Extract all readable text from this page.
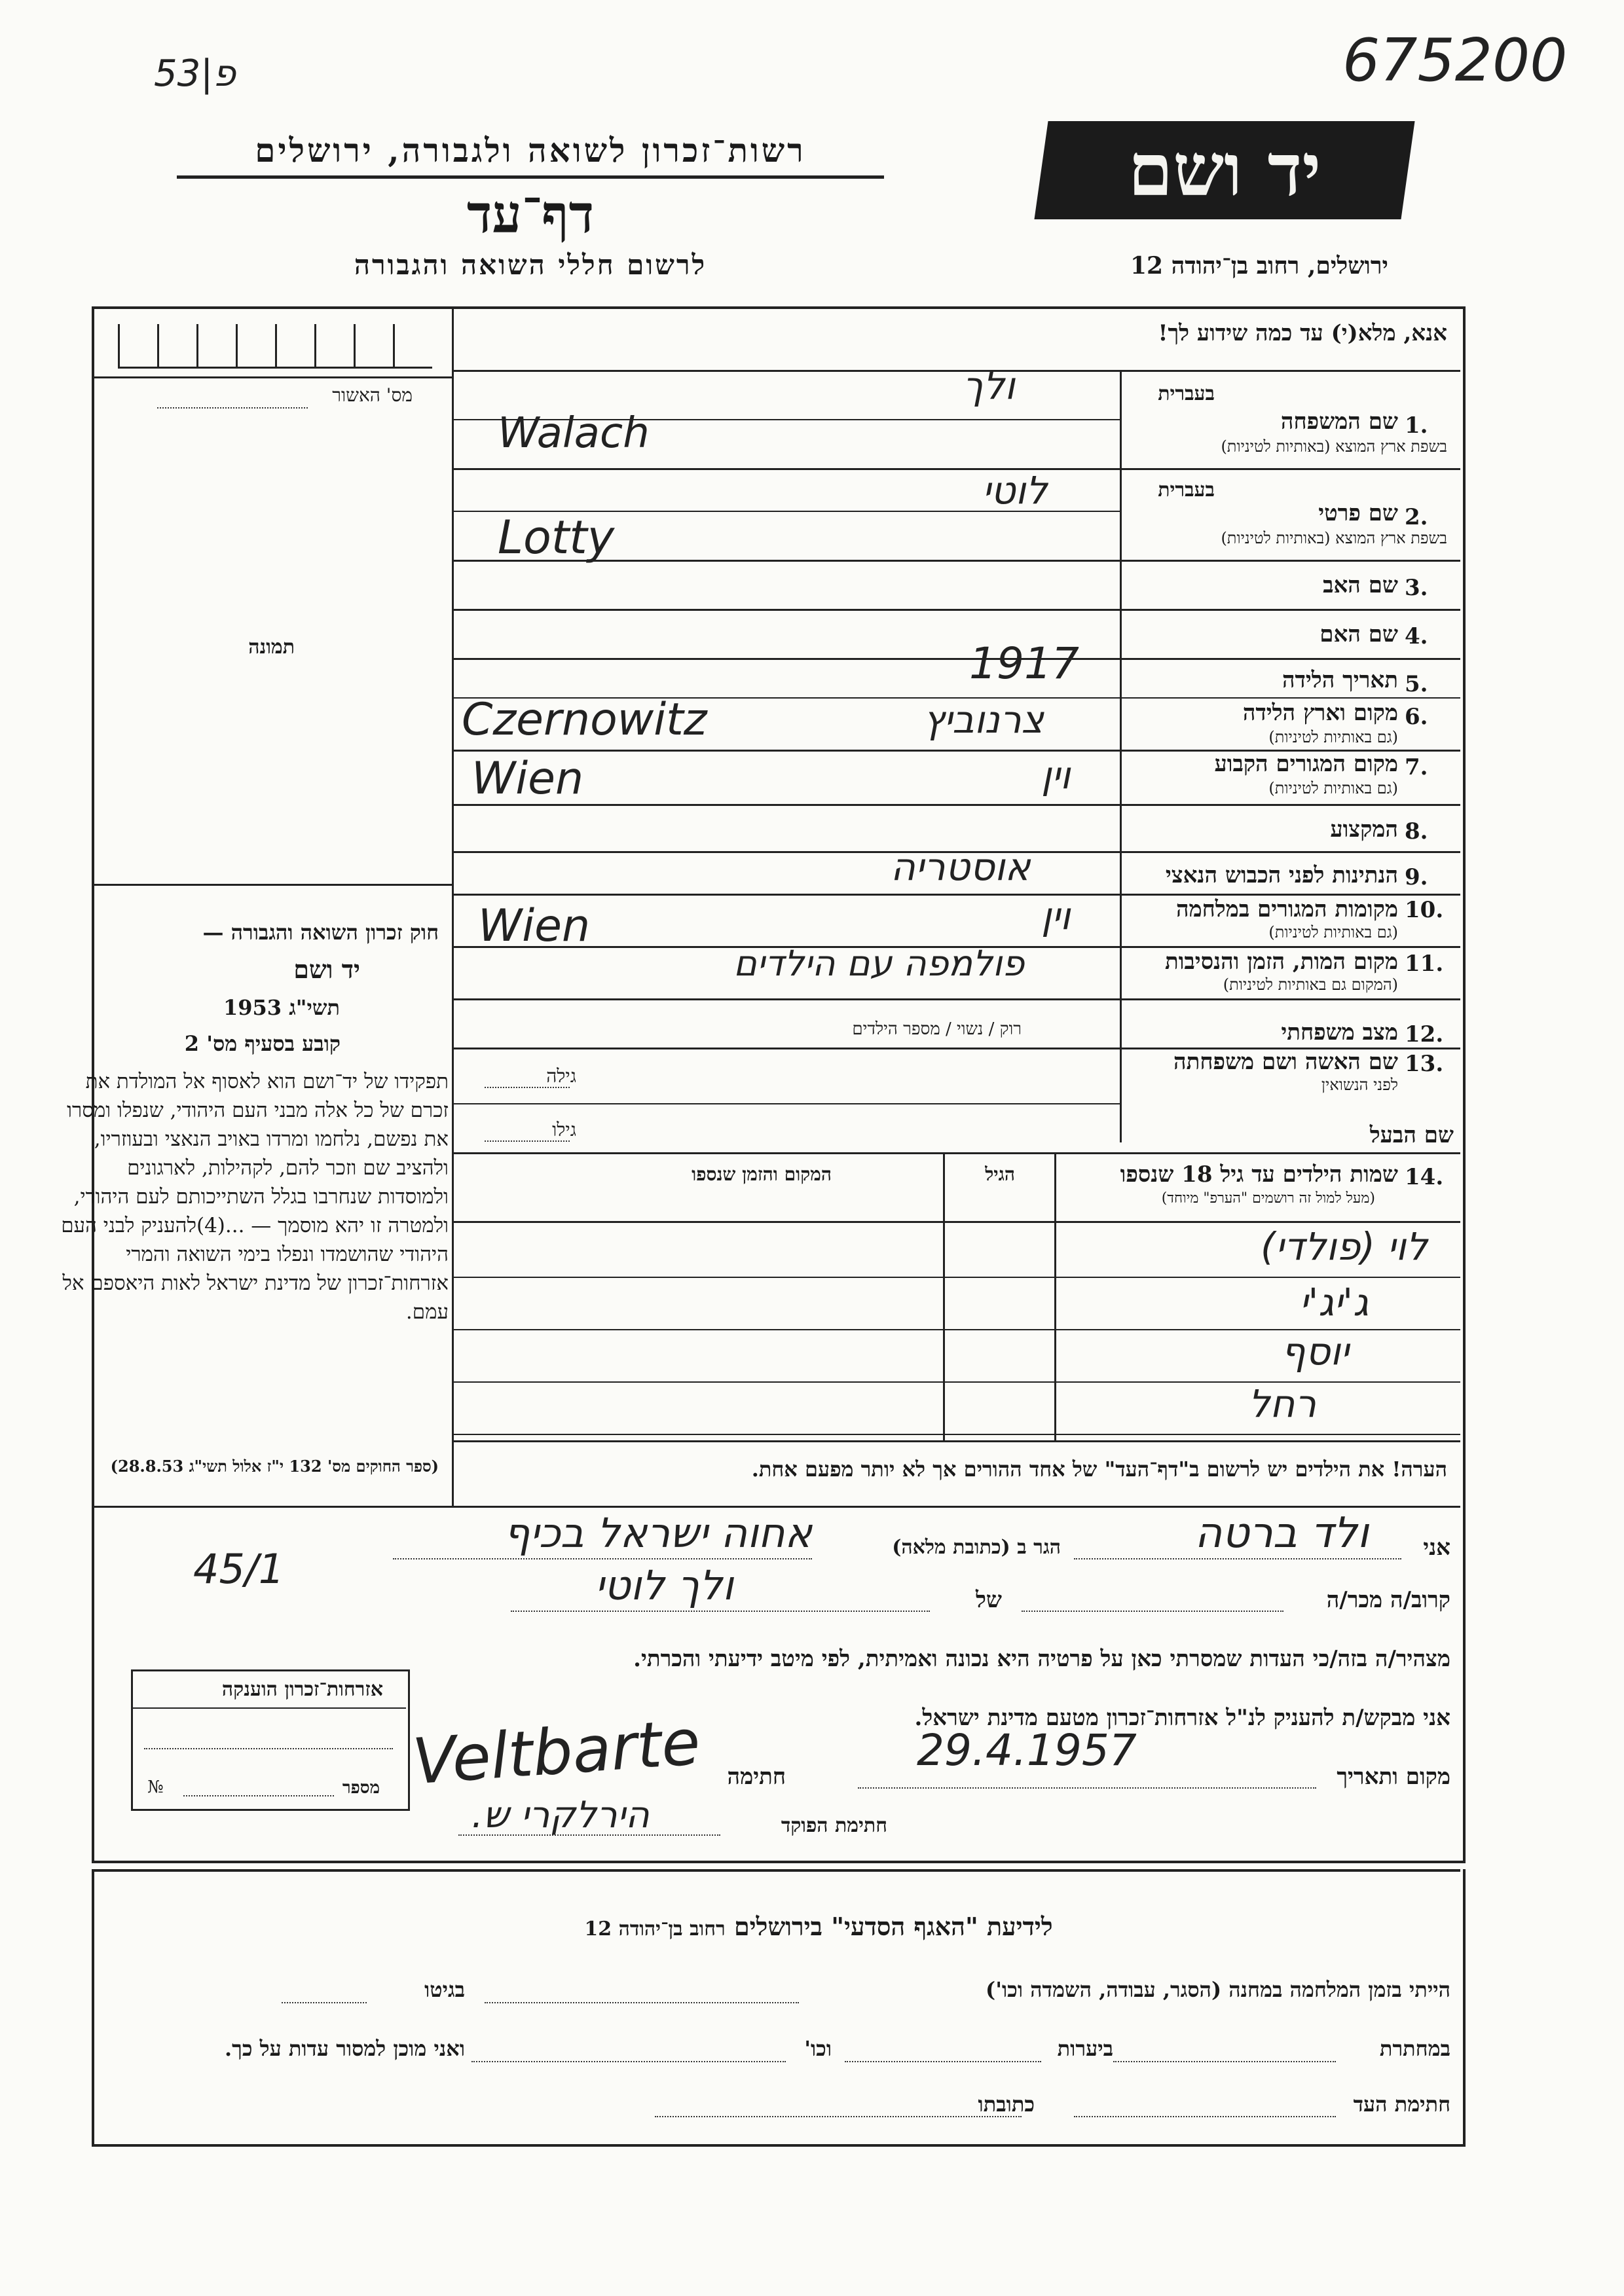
53|פ	675200
רשות־זכרון לשואה ולגבורה, ירושלים
דף־עד
לרשום חללי השואה והגבורה
יד ושם
ירושלים, רחוב בן־יהודה 12
מס' האשור
תמונה
חוק זכרון השואה והגבורה —
יד ושם
1953 תשי"ג
קובע בסעיף מס' 2
תפקידו של יד־ושם הוא לאסוף אל המולדת את זכרם של כל אלה מבני העם היהודי, שנפלו ומסרו את נפשם, נלחמו ומרדו באויב הנאצי ובעוזריו, ולהציב שם וזכר להם, לקהילות, לארגונים ולמוסדות שנחרבו בגלל השתייכותם לעם היהודי, ולמטרה זו יהא מוסמך — ...(4)להעניק לבני העם היהודי שהושמדו ונפלו בימי השואה והמרי אזרחות־זכרון של מדינת ישראל לאות היאספם אל עמם.
(ספר החוקים מס' 132 י"ז אלול תשי"ג 28.8.53)
אנא, מלא(י) עד כמה שידוע לך!
בעברית
1.
שם המשפחה
בשפת ארץ המוצא (באותיות לטיניות)
ולך
Walach
בעברית
2.
שם פרטי
בשפת ארץ המוצא (באותיות לטיניות)
לוטי
Lotty
3.
שם האב
4.
שם האם
5.
תאריך הלידה
1917
6.
מקום וארץ הלידה
(גם באותיות לטיניות)
צרנוביץ
Czernowitz
7.
מקום המגורים הקבוע
(גם באותיות לטיניות)
וין
Wien
8.
המקצוע
9.
הנתינות לפני הכבוש הנאצי
אוסטריה
10.
מקומות המגורים במלחמה
(גם באותיות לטיניות)
וין
Wien
11.
מקום המות, הזמן והנסיבות
(המקום גם באותיות לטיניות)
פולמפה עם הילדים
12.
מצב משפחתי
רוק / נשוי / מספר הילדים
13.
שם האשה ושם משפחתה
לפני הנשואין
גילה
שם הבעל
גילו
14.
שמות הילדים עד גיל 18 שנספו
(מעל למול זה רושמים "הערפ" מיוחד)
הגיל
המקום והזמן שנספו
לוי (פולדי)
ג'יג'י
יוסף
רחל
הערה! את הילדים יש לרשום ב"דף־העד" של אחד ההורים אך לא יותר מפעם אחת.
אני
ולד ברטה
הגר ב (כתובת מלאה)
אחוה ישראל בכיף
45/1
קרוב/ה מכר/ה
של
ולך לוטי
מצהיר/ה בזה/כי העדות שמסרתי כאן על פרטיה היא נכונה ואמיתית, לפי מיטב ידיעתי והכרתי.
אזרחות־זכרון הוענקה
№	מספר
אני מבקש/ת להעניק לנ"ל אזרחות־זכרון מטעם מדינת ישראל.
מקום ותאריך
29.4.1957
חתימה
Veltbarte
חתימת הפוקד
הירלקרי ש.
לידיעת "האגף הסדעי" בירושלים רחוב בן־יהודה 12
הייתי בזמן המלחמה במחנה (הסגר, עבודה, השמדה וכו')
בגיטו
במחתרת
ביערות
וכו'
ואני מוכן למסור עדות על כך.
חתימת העד
כתובתו
